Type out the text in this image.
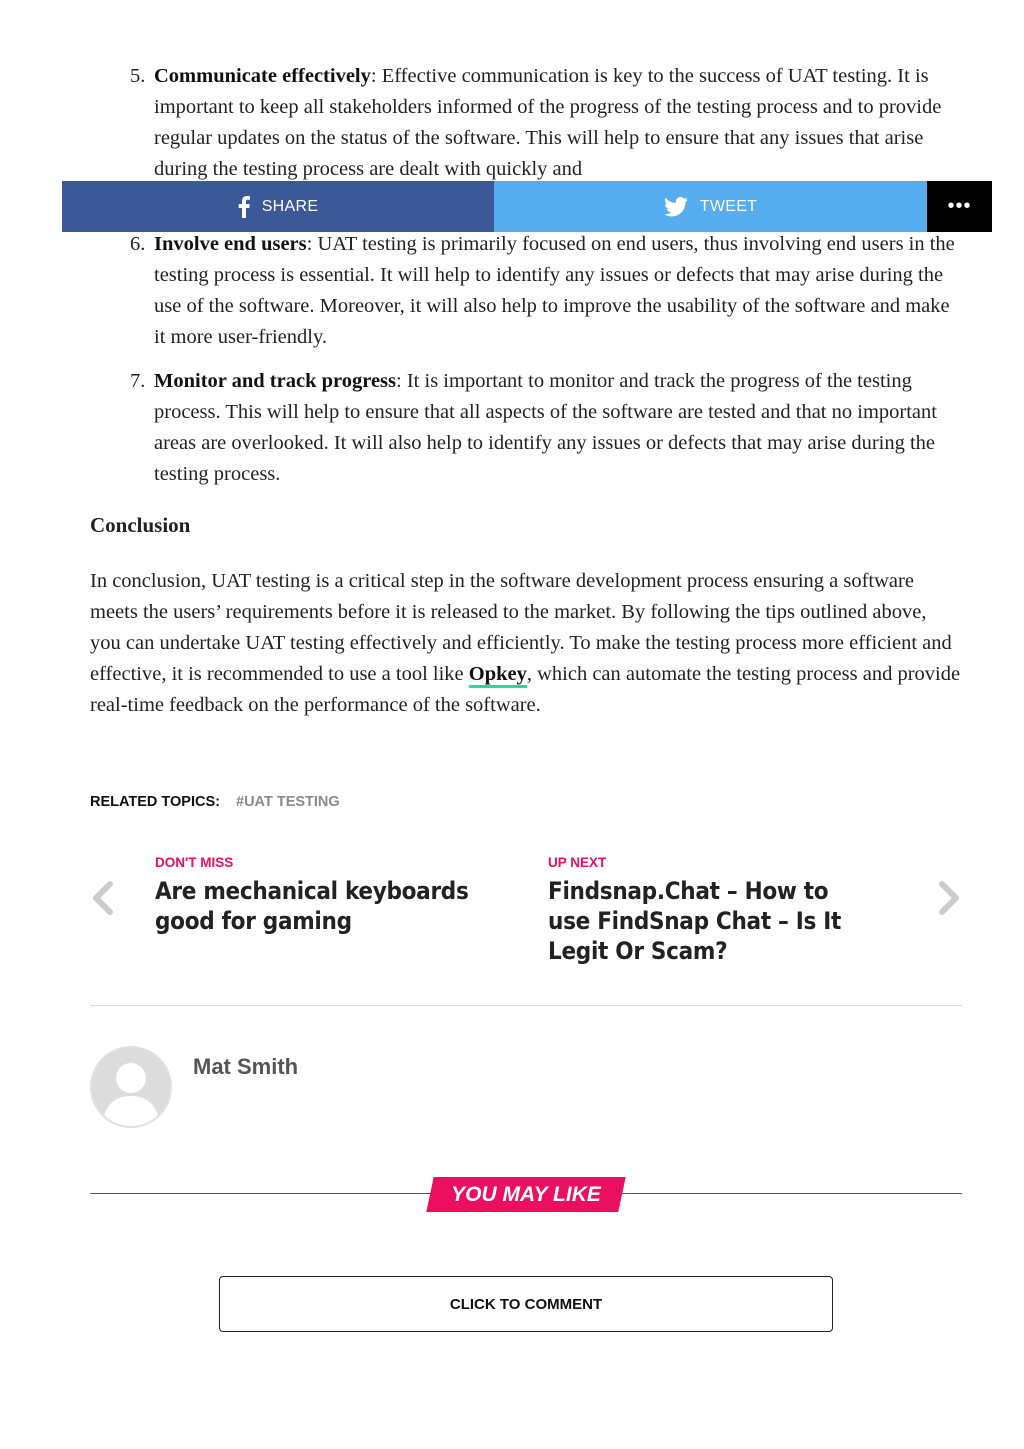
5. Communicate effectively: Effective communication is key to the success of UAT testing. It is important to keep all stakeholders informed of the progress of the testing process and to provide regular updates on the status of the software. This will help to ensure that any issues that arise during the testing process are dealt with quickly and
6. Involve end users: UAT testing is primarily focused on end users, thus involving end users in the testing process is essential. It will help to identify any issues or defects that may arise during the use of the software. Moreover, it will also help to improve the usability of the software and make it more user-friendly.
7. Monitor and track progress: It is important to monitor and track the progress of the testing process. This will help to ensure that all aspects of the software are tested and that no important areas are overlooked. It will also help to identify any issues or defects that may arise during the testing process.
Conclusion

In conclusion, UAT testing is a critical step in the software development process ensuring a software meets the users’ requirements before it is released to the market. By following the tips outlined above, you can undertake UAT testing effectively and efficiently. To make the testing process more efficient and effective, it is recommended to use a tool like Opkey, which can automate the testing process and provide real-time feedback on the performance of the software.

RELATED TOPICS: #UAT TESTING
SHARE	TWEET	•••
DON'T MISS
Are mechanical keyboards good for gaming
UP NEXT
Findsnap.Chat – How to use FindSnap Chat – Is It Legit Or Scam?
Mat Smith
YOU MAY LIKE
CLICK TO COMMENT
